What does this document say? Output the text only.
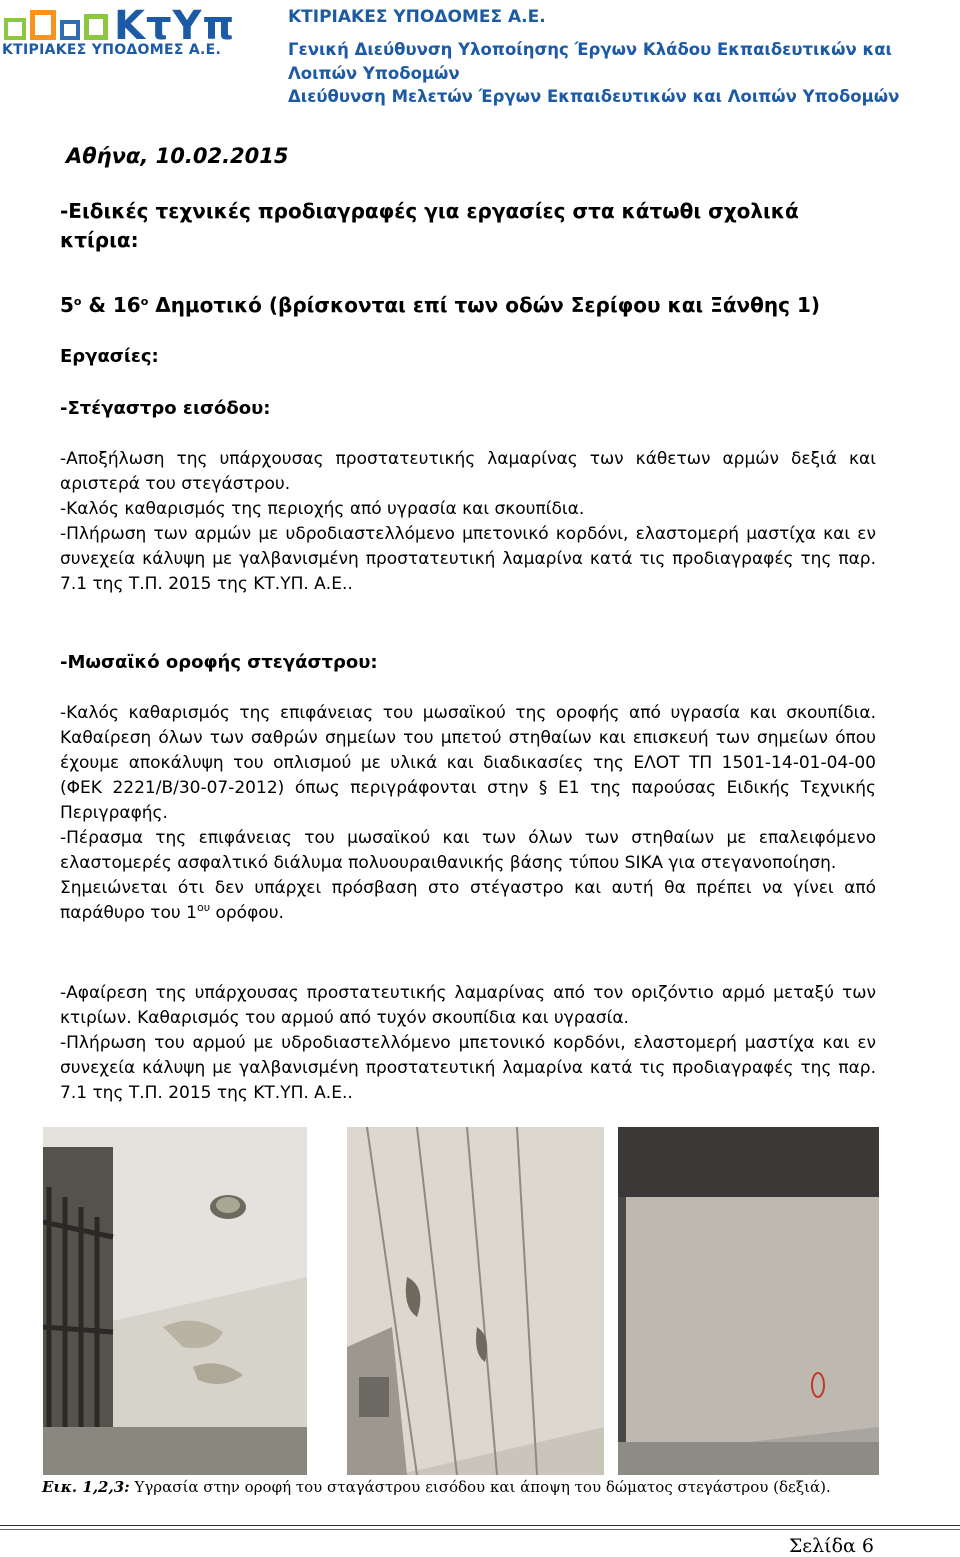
ΚτΥπ
ΚΤΙΡΙΑΚΕΣ ΥΠΟΔΟΜΕΣ Α.Ε.
ΚΤΙΡΙΑΚΕΣ ΥΠΟΔΟΜΕΣ Α.Ε.
Γενική Διεύθυνση Υλοποίησης Έργων Κλάδου Εκπαιδευτικών και
Λοιπών Υποδομών
Διεύθυνση Μελετών Έργων Εκπαιδευτικών και Λοιπών Υποδομών
Αθήνα, 10.02.2015
-Ειδικές τεχνικές προδιαγραφές για εργασίες στα κάτωθι σχολικά
κτίρια:
$5^o$ & $16^o$ Δημοτικό (βρίσκονται επί των οδών Σερίφου και Ξάνθης 1)
Εργασίες:
-Στέγαστρο εισόδου:
-Αποξήλωση της υπάρχουσας προστατευτικής λαμαρίνας των κάθετων αρμών δεξιά και αριστερά του στεγάστρου.
-Καλός καθαρισμός της περιοχής από υγρασία και σκουπίδια.
-Πλήρωση των αρμών με υδροδιαστελλόμενο μπετονικό κορδόνι, ελαστομερή μαστίχα και εν συνεχεία κάλυψη με γαλβανισμένη προστατευτική λαμαρίνα κατά τις προδιαγραφές της παρ. 7.1 της Τ.Π. 2015 της ΚΤ.ΥΠ. Α.Ε..
-Μωσαϊκό οροφής στεγάστρου:
-Καλός καθαρισμός της επιφάνειας του μωσαϊκού της οροφής από υγρασία και σκουπίδια. Καθαίρεση όλων των σαθρών σημείων του μπετού στηθαίων και επισκευή των σημείων όπου έχουμε αποκάλυψη του οπλισμού με υλικά και διαδικασίες της ΕΛΟΤ ΤΠ 1501-14-01-04-00 (ΦΕΚ 2221/Β/30-07-2012) όπως περιγράφονται στην § Ε1 της παρούσας Ειδικής Τεχνικής Περιγραφής.
-Πέρασμα της επιφάνειας του μωσαϊκού και των όλων των στηθαίων με επαλειφόμενο ελαστομερές ασφαλτικό διάλυμα πολυουραιθανικής βάσης τύπου SIKA για στεγανοποίηση.
Σημειώνεται ότι δεν υπάρχει πρόσβαση στο στέγαστρο και αυτή θα πρέπει να γίνει από παράθυρο του $1^{o\upsilon}$ ορόφου.
-Αφαίρεση της υπάρχουσας προστατευτικής λαμαρίνας από τον οριζόντιο αρμό μεταξύ των κτιρίων. Καθαρισμός του αρμού από τυχόν σκουπίδια και υγρασία.
-Πλήρωση του αρμού με υδροδιαστελλόμενο μπετονικό κορδόνι, ελαστομερή μαστίχα και εν συνεχεία κάλυψη με γαλβανισμένη προστατευτική λαμαρίνα κατά τις προδιαγραφές της παρ. 7.1 της Τ.Π. 2015 της ΚΤ.ΥΠ. Α.Ε..
Εικ. 1,2,3: Υγρασία στην οροφή του σταγάστρου εισόδου και άποψη του δώματος στεγάστρου (δεξιά).
Σελίδα 6
